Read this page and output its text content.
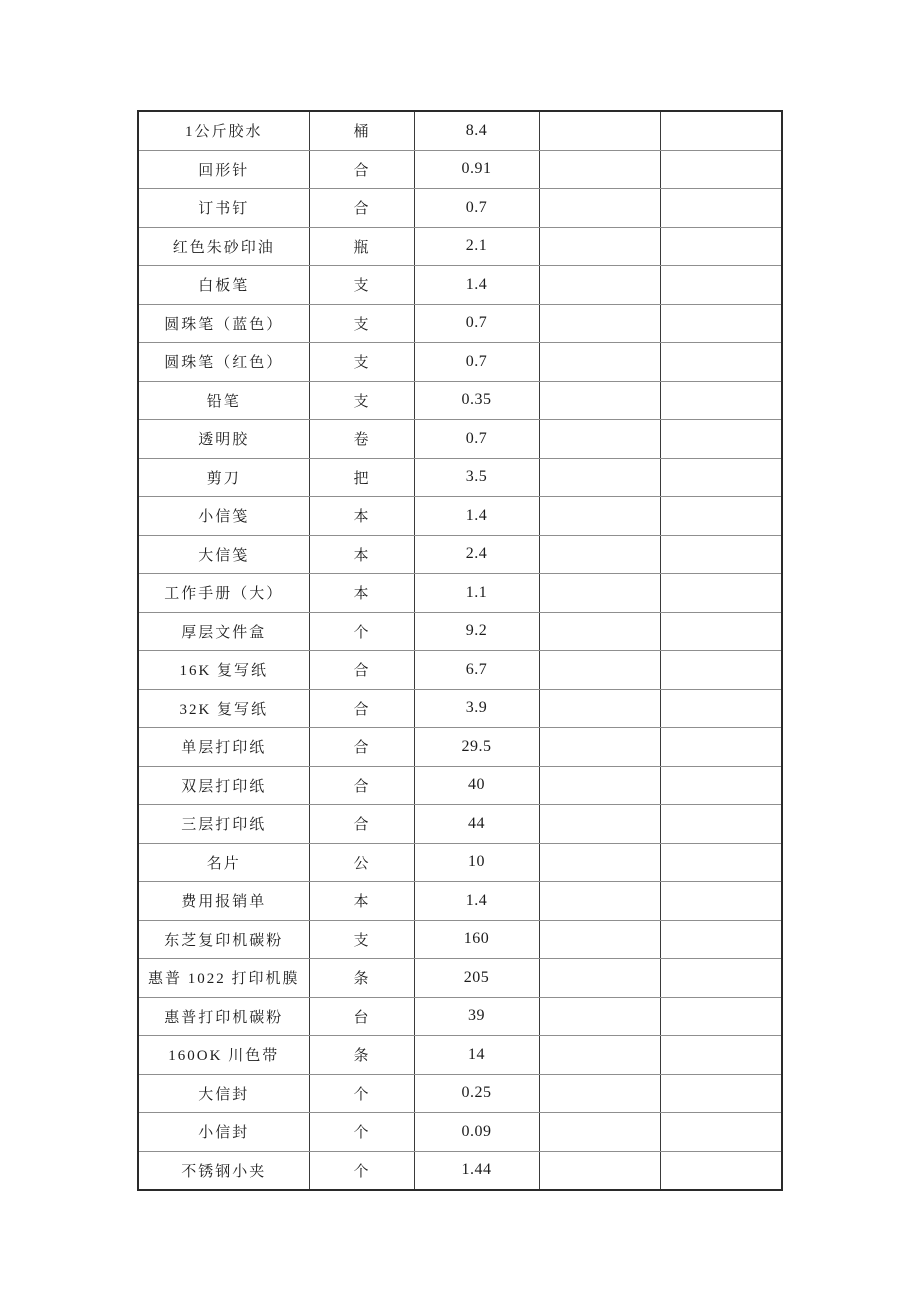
1公斤胶水	桶	8.4		
回形针	合	0.91		
订书钉	合	0.7		
红色朱砂印油	瓶	2.1		
白板笔	支	1.4		
圆珠笔（蓝色）	支	0.7		
圆珠笔（红色）	支	0.7		
铅笔	支	0.35		
透明胶	卷	0.7		
剪刀	把	3.5		
小信笺	本	1.4		
大信笺	本	2.4		
工作手册（大）	本	1.1		
厚层文件盒	个	9.2		
16K 复写纸	合	6.7		
32K 复写纸	合	3.9		
单层打印纸	合	29.5		
双层打印纸	合	40		
三层打印纸	合	44		
名片	公	10		
费用报销单	本	1.4		
东芝复印机碳粉	支	160		
惠普 1022 打印机膜	条	205		
惠普打印机碳粉	台	39		
160OK 川色带	条	14		
大信封	个	0.25		
小信封	个	0.09		
不锈钢小夹	个	1.44		
